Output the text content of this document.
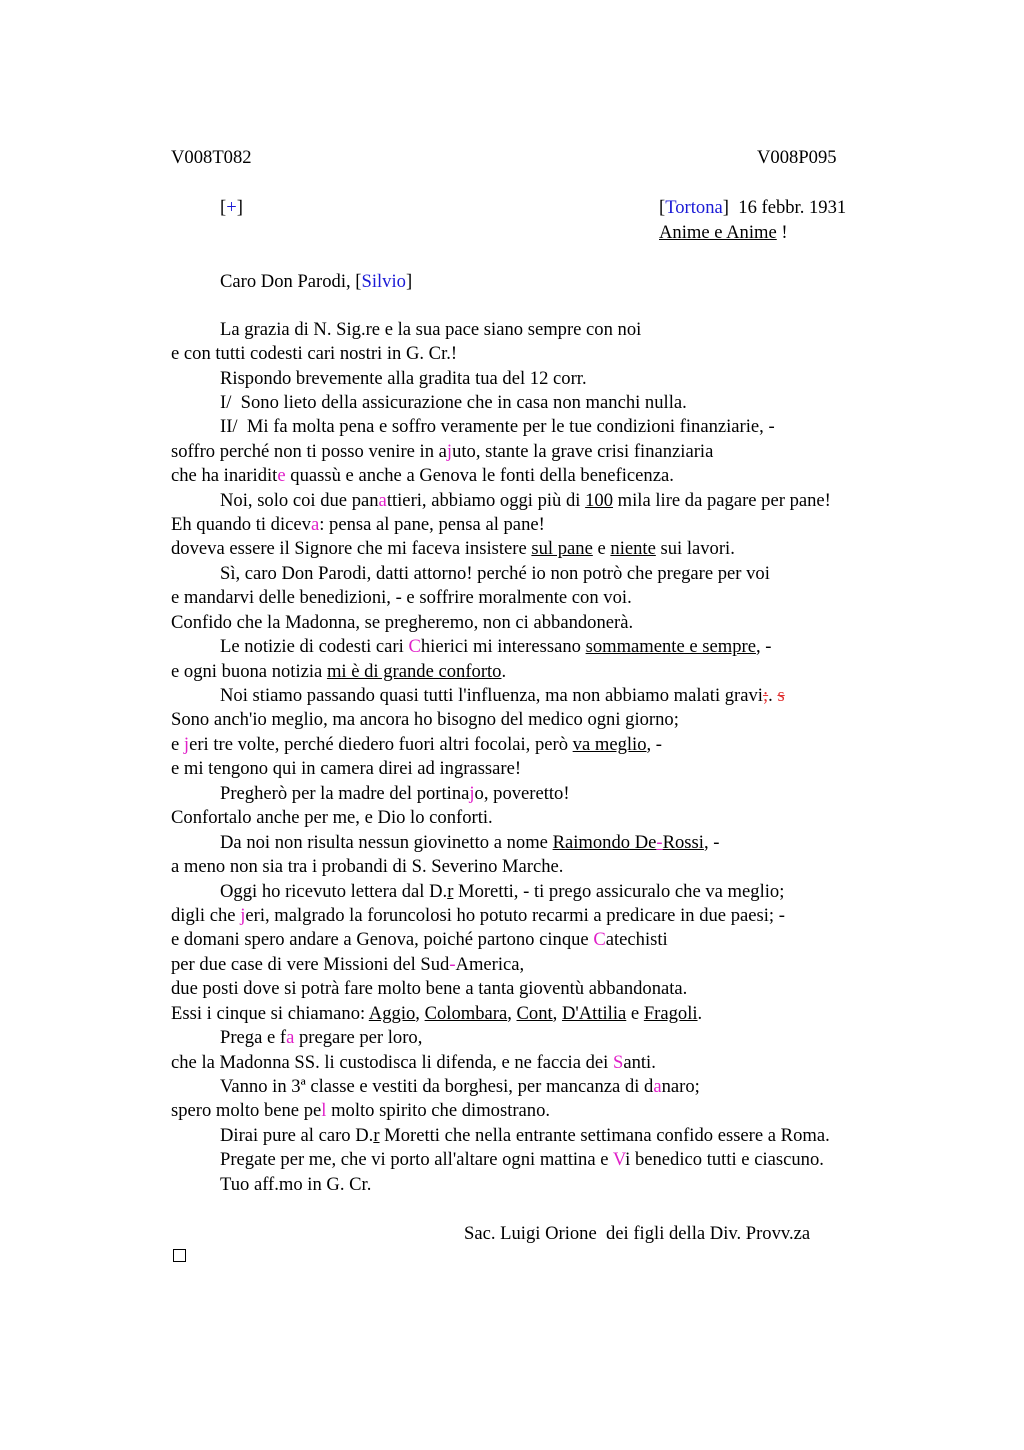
V008T082	V008P095
[+]	[Tortona]  16 febbr. 1931
Anime e Anime !
Caro Don Parodi, [Silvio]
La grazia di N. Sig.re e la sua pace siano sempre con noi
e con tutti codesti cari nostri in G. Cr.!
Rispondo brevemente alla gradita tua del 12 corr.
I/  Sono lieto della assicurazione che in casa non manchi nulla.
II/  Mi fa molta pena e soffro veramente per le tue condizioni finanziarie, -
soffro perché non ti posso venire in ajuto, stante la grave crisi finanziaria
che ha inaridite quassù e anche a Genova le fonti della beneficenza.
Noi, solo coi due panattieri, abbiamo oggi più di 100 mila lire da pagare per pane!
Eh quando ti diceva: pensa al pane, pensa al pane!
doveva essere il Signore che mi faceva insistere sul pane e niente sui lavori.
Sì, caro Don Parodi, datti attorno! perché io non potrò che pregare per voi
e mandarvi delle benedizioni, - e soffrire moralmente con voi.
Confido che la Madonna, se pregheremo, non ci abbandonerà.
Le notizie di codesti cari Chierici mi interessano sommamente e sempre, -
e ogni buona notizia mi è di grande conforto.
Noi stiamo passando quasi tutti l'influenza, ma non abbiamo malati gravi;. s
Sono anch'io meglio, ma ancora ho bisogno del medico ogni giorno;
e jeri tre volte, perché diedero fuori altri focolai, però va meglio, -
e mi tengono qui in camera direi ad ingrassare!
Pregherò per la madre del portinajo, poveretto!
Confortalo anche per me, e Dio lo conforti.
Da noi non risulta nessun giovinetto a nome Raimondo De-Rossi, -
a meno non sia tra i probandi di S. Severino Marche.
Oggi ho ricevuto lettera dal D.r Moretti, - ti prego assicuralo che va meglio;
digli che jeri, malgrado la foruncolosi ho potuto recarmi a predicare in due paesi; -
e domani spero andare a Genova, poiché partono cinque Catechisti
per due case di vere Missioni del Sud-America,
due posti dove si potrà fare molto bene a tanta gioventù abbandonata.
Essi i cinque si chiamano: Aggio, Colombara, Cont, D'Attilia e Fragoli.
Prega e fa pregare per loro,
che la Madonna SS. li custodisca li difenda, e ne faccia dei Santi.
Vanno in 3ª classe e vestiti da borghesi, per mancanza di danaro;
spero molto bene pel molto spirito che dimostrano.
Dirai pure al caro D.r Moretti che nella entrante settimana confido essere a Roma.
Pregate per me, che vi porto all'altare ogni mattina e Vi benedico tutti e ciascuno.
Tuo aff.mo in G. Cr.
Sac. Luigi Orione  dei figli della Div. Provv.za
